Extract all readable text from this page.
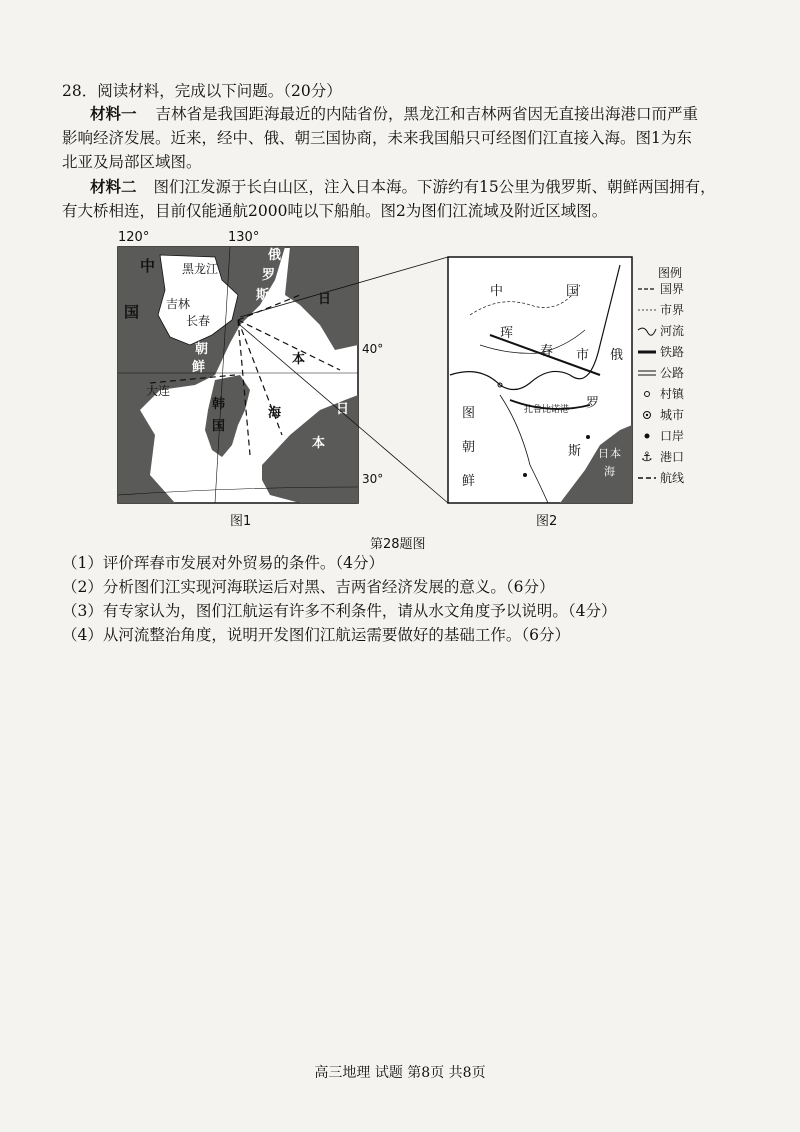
28．阅读材料，完成以下问题。（20分）
材料一 吉林省是我国距海最近的内陆省份，黑龙江和吉林两省因无直接出海港口而严重
影响经济发展。近来，经中、俄、朝三国协商，未来我国船只可经图们江直接入海。图1为东
北亚及局部区域图。
材料二 图们江发源于长白山区，注入日本海。下游约有15公里为俄罗斯、朝鲜两国拥有，
有大桥相连，目前仅能通航2000吨以下船舶。图2为图们江流域及附近区域图。
120°	130°
40°
30°
中
国
黑龙江
吉林
长春
俄
罗
斯
朝
鲜
大连
韩
国
黄
海
日
本
海	日
本
中	国
珲
春 市 俄
罗
斯
图
朝
鲜
扎鲁比诺港
日 本
海
图例
国界
市界
河流
铁路
公路
村镇
城市
口岸
⚓ 港口
航线
图1	图2
第28题图
（1）评价珲春市发展对外贸易的条件。（4分）
（2）分析图们江实现河海联运后对黑、吉两省经济发展的意义。（6分）
（3）有专家认为，图们江航运有许多不利条件，请从水文角度予以说明。（4分）
（4）从河流整治角度，说明开发图们江航运需要做好的基础工作。（6分）
高三地理 试题 第8页 共8页
